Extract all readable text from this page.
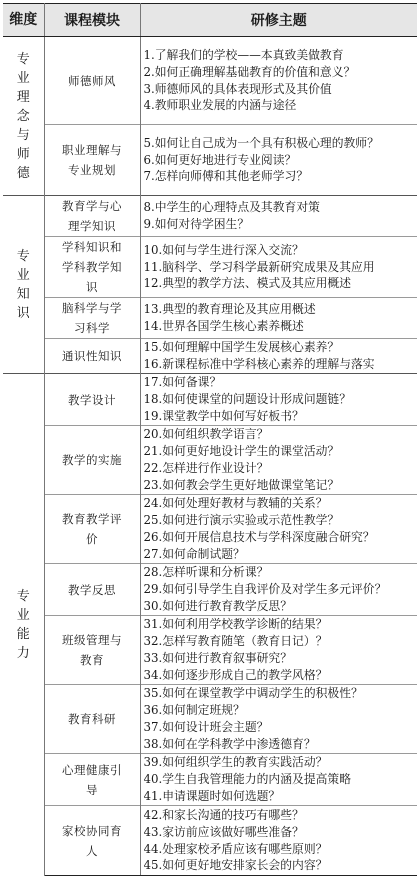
维度	课程模块	研修主题
专业理念与师德	师德师风	1.了解我们的学校——本真致美做教育
2.如何正确理解基础教育的价值和意义？
3.师德师风的具体表现形式及其价值
4.教师职业发展的内涵与途径

	职业理解与专业规划	5.如何让自己成为一个具有积极心理的教师？
6.如何更好地进行专业阅读？
7.怎样向师傅和其他老师学习？

专业知识	教育学与心理学知识	8.中学生的心理特点及其教育对策
9.如何对待学困生？

	学科知识和学科教学知识	10.如何与学生进行深入交流？
11.脑科学、学习科学最新研究成果及其应用
12.典型的教学方法、模式及其应用概述

	脑科学与学习科学	13.典型的教育理论及其应用概述
14.世界各国学生核心素养概述

	通识性知识	15.如何理解中国学生发展核心素养？
16.新课程标准中学科核心素养的理解与落实

专业能力	教学设计	17.如何备课？
18.如何使课堂的问题设计形成问题链？
19.课堂教学中如何写好板书？

	教学的实施	20.如何组织教学语言？
21.如何更好地设计学生的课堂活动？
22.怎样进行作业设计？
23.如何教会学生更好地做课堂笔记？

	教育教学评价	24.如何处理好教材与教辅的关系？
25.如何进行演示实验或示范性教学？
26.如何开展信息技术与学科深度融合研究？
27.如何命制试题？

	教学反思	28.怎样听课和分析课？
29.如何引导学生自我评价及对学生多元评价？
30.如何进行教育教学反思？

	班级管理与教育	31.如何利用学校教学诊断的结果？
32.怎样写教育随笔（教育日记）？
33.如何进行教育叙事研究？
34.如何逐步形成自己的教学风格？

	教育科研	35.如何在课堂教学中调动学生的积极性？
36.如何制定班规？
37.如何设计班会主题？
38.如何在学科教学中渗透德育？

	心理健康引导	39.如何组织学生的教育实践活动？
40.学生自我管理能力的内涵及提高策略
41.申请课题时如何选题？

	家校协同育人	42.和家长沟通的技巧有哪些？
43.家访前应该做好哪些准备？
44.处理家校矛盾应该有哪些原则？
45.如何更好地安排家长会的内容？
